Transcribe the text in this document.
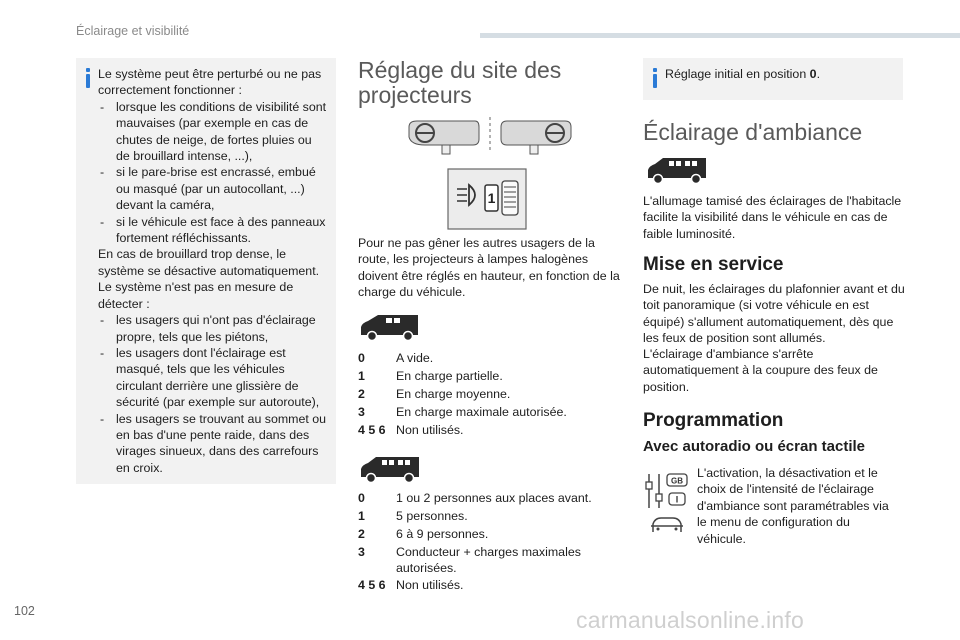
Éclairage et visibilité
102	carmanualsonline.info
Le système peut être perturbé ou ne pas correctement fonctionner :
- lorsque les conditions de visibilité sont mauvaises (par exemple en cas de chutes de neige, de fortes pluies ou de brouillard intense, ...),
- si le pare-brise est encrassé, embué ou masqué (par un autocollant, ...) devant la caméra,
- si le véhicule est face à des panneaux fortement réfléchissants.
En cas de brouillard trop dense, le système se désactive automatiquement.
Le système n'est pas en mesure de détecter :
- les usagers qui n'ont pas d'éclairage propre, tels que les piétons,
- les usagers dont l'éclairage est masqué, tels que les véhicules circulant derrière une glissière de sécurité (par exemple sur autoroute),
- les usagers se trouvant au sommet ou en bas d'une pente raide, dans des virages sinueux, dans des carrefours en croix.
Réglage du site des
projecteurs
1
Pour ne pas gêner les autres usagers de la route, les projecteurs à lampes halogènes doivent être réglés en hauteur, en fonction de la charge du véhicule.
0	A vide.
1	En charge partielle.
2	En charge moyenne.
3	En charge maximale autorisée.
4 5 6 Non utilisés.
0	1 ou 2 personnes aux places avant.
1	5 personnes.
2	6 à 9 personnes.
3	Conducteur + charges maximales autorisées.
4 5 6 Non utilisés.
Réglage initial en position 0.
Éclairage d'ambiance
L'allumage tamisé des éclairages de l'habitacle facilite la visibilité dans le véhicule en cas de faible luminosité.
Mise en service
De nuit, les éclairages du plafonnier avant et du toit panoramique (si votre véhicule en est équipé) s'allument automatiquement, dès que les feux de position sont allumés.
L'éclairage d'ambiance s'arrête automatiquement à la coupure des feux de position.
Programmation
Avec autoradio ou écran tactile
GB
I
L'activation, la désactivation et le choix de l'intensité de l'éclairage d'ambiance sont paramétrables via le menu de configuration du véhicule.
